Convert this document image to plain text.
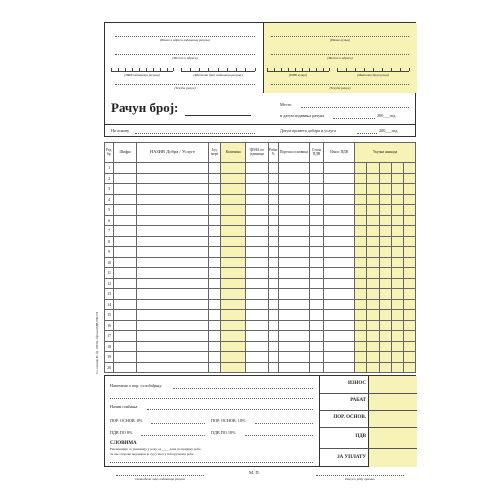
(Назив и адреса издаваоца рачуна)
(Место и адреса)
(ПИБ издаваоца рачуна)	(Матични број издаваоца рачуна)
(Текући рачун)
(Назив купца)
(Место и адреса)
(ПИБ купца)	(Матични број купца)
(Текући рачун)
Рачун број:	Место
и датум издавања рачуна	200___год.
На основу	Датум промета добара и услуга	200___год.
Ред. бр.	Шифра	НАЗИВ Добра / Услуге	Јед. мере	Количина	ЦЕНА по јединици	Рабат %	Пореска основица	Стопа ПДВ	Износ ПДВ	Укупна накнада				
1														
2														
3														
4														
5														
6														
7														
8														
9														
10														
11														
12														
13														
14														
15														
16														
17														
18														
19														
20														
Сл. гласник РС бр. 105/04, образац ПДВ-РАЧУН
Напомена о пор. ослобађању
Начин плаћања
ПОР. ОСНОВ. 8%	ПОР. ОСНОВ. 18%
ПДВ ПО 8%	ПДВ ПО 18%
СЛОВИМА
Рекламације се уважавају у року од ____ дана по пријему робе.
За све спорове надлежан је суд у месту испоручиоца робе.
ИЗНОС
РАБАТ
ПОР. ОСНОВ.
ПДВ
ЗА УПЛАТУ
Овлашћено лице издаваоца рачуна
М. П.
Рачун и робу примио
